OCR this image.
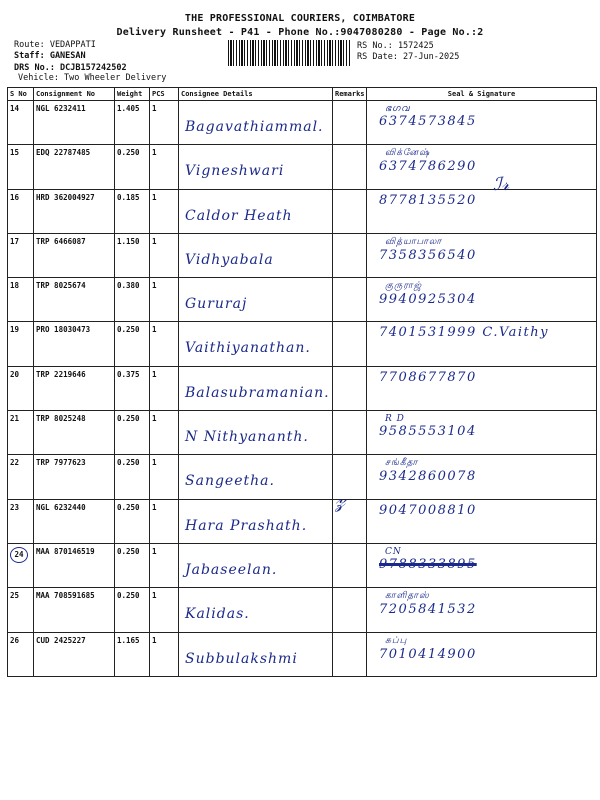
THE PROFESSIONAL COURIERS, COIMBATORE
Delivery Runsheet - P41 - Phone No.:9047080280 - Page No.:2
Route: VEDAPPATI
Staff: GANESAN
DRS No.: DCJB157242502
Vehicle: Two Wheeler Delivery
RS No.: 1572425
RS Date: 27-Jun-2025
S No	Consignment No	Weight	PCS	Consignee Details	Remarks	Seal & Signature
14	NGL 6232411	1.405	1	Bagavathiammal.		ഭഗവ
6374573845

15	EDQ 22787485	0.250	1	Vigneshwari		விக்னேஷ்
6374786290

16	HRD 362004927	0.185	1	Caldor Heath		8778135520

17	TRP 6466087	1.150	1	Vidhyabala		வித்யாபாலா
7358356540

18	TRP 8025674	0.380	1	Gururaj		குருராஜ்
9940925304

19	PRO 18030473	0.250	1	Vaithiyanathan.		7401531999 C.Vaithy

20	TRP 2219646	0.375	1	Balasubramanian.		7708677870

21	TRP 8025248	0.250	1	N Nithyananth.		R D
9585553104

22	TRP 7977623	0.250	1	Sangeetha.		சங்கீதா
9342860078

23	NGL 6232440	0.250	1	Hara Prashath.		9047008810

24	MAA 870146519	0.250	1	Jabaseelan.		CN
9788333895

25	MAA 708591685	0.250	1	Kalidas.		காளிதாஸ்
7205841532

26	CUD 2425227	1.165	1	Subbulakshmi		சுப்பு
7010414900
ℐ𝓇
𝓏
